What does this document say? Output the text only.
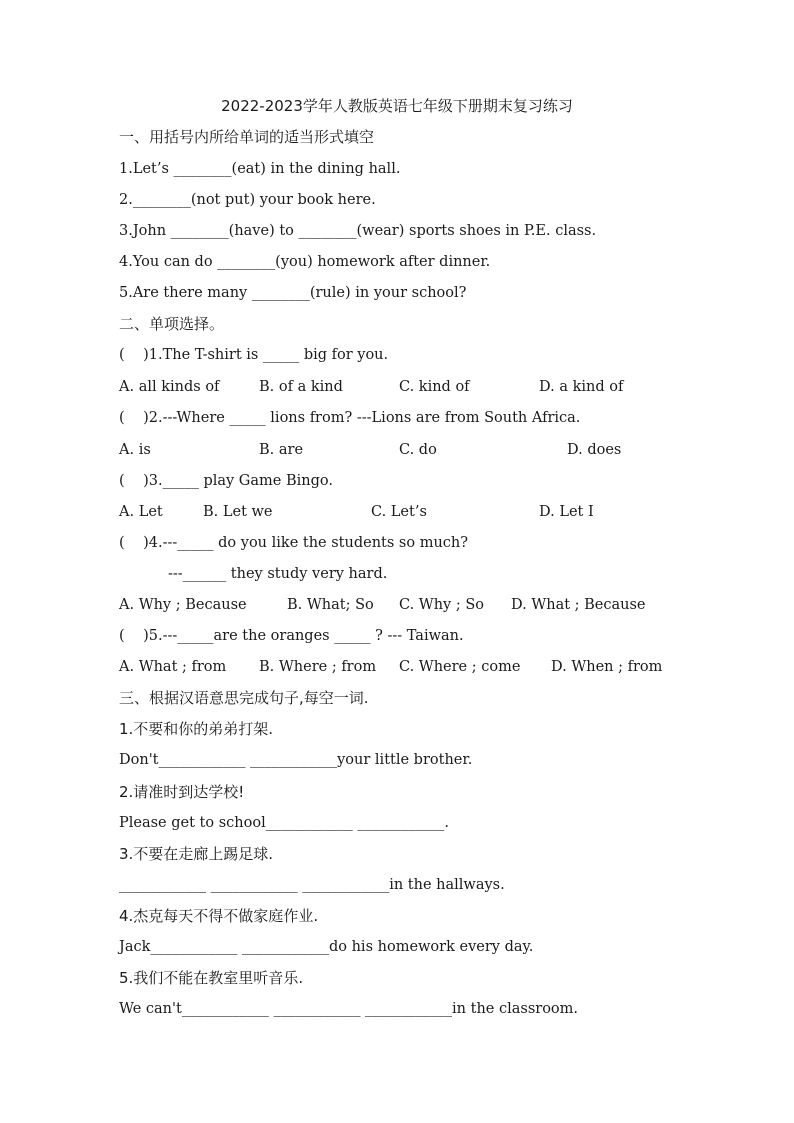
2022-2023学年人教版英语七年级下册期末复习练习
一、用括号内所给单词的适当形式填空
1.Let’s ________(eat) in the dining hall.
2.________(not put) your book here.
3.John ________(have) to ________(wear) sports shoes in P.E. class.
4.You can do ________(you) homework after dinner.
5.Are there many ________(rule) in your school?
二、单项选择。
(    )1.The T-shirt is _____ big for you.
A. all kinds of	B. of a kind	C. kind of	D. a kind of
(    )2.---Where _____ lions from? ---Lions are from South Africa.
A. is	B. are	C. do	D. does
(    )3._____ play Game Bingo.
A. Let	B. Let we	C. Let’s	D. Let I
(    )4.---_____ do you like the students so much?
---______ they study very hard.
A. Why ; Because	B. What; So C. Why ; So D. What ; Because
(    )5.---_____are the oranges _____ ? --- Taiwan.
A. What ; from B. Where ; from C. Where ; come D. When ; from
三、根据汉语意思完成句子,每空一词.
1.不要和你的弟弟打架.
Don't____________ ____________your little brother.
2.请准时到达学校!
Please get to school____________ ____________.
3.不要在走廊上踢足球.
____________ ____________ ____________in the hallways.
4.杰克每天不得不做家庭作业.
Jack____________ ____________do his homework every day.
5.我们不能在教室里听音乐.
We can't____________ ____________ ____________in the classroom.
